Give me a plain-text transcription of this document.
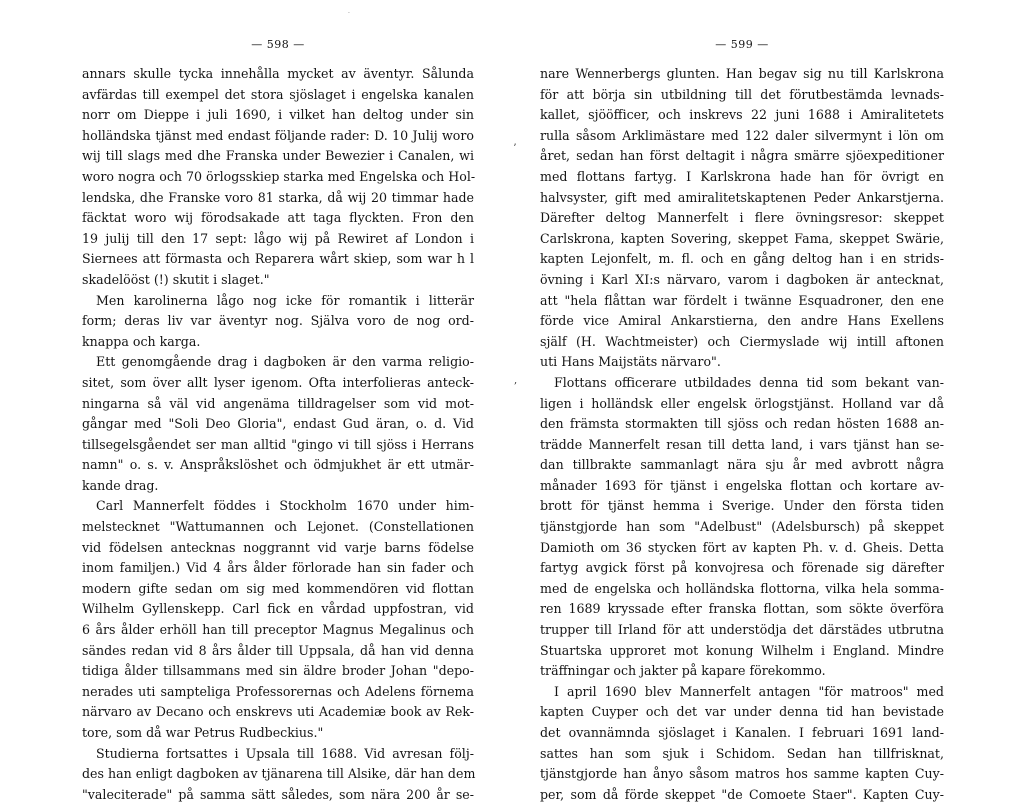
·
— 598 —
annars skulle tycka innehålla mycket av äventyr. Sålunda
avfärdas till exempel det stora sjöslaget i engelska kanalen
norr om Dieppe i juli 1690, i vilket han deltog under sin
holländska tjänst med endast följande rader: D. 10 Julij woro
wij till slags med dhe Franska under Bewezier i Canalen, wi
woro nogra och 70 örlogsskiep starka med Engelska och Hol-
lendska, dhe Franske voro 81 starka, då wij 20 timmar hade
fäcktat woro wij förodsakade att taga flyckten. Fron den
19 julij till den 17 sept: lågo wij på Rewiret af London i
Siernees att förmasta och Reparera wårt skiep, som war h l
skadelööst (!) skutit i slaget."
Men karolinerna lågo nog icke för romantik i litterär
form; deras liv var äventyr nog. Själva voro de nog ord-
knappa och karga.
Ett genomgående drag i dagboken är den varma religio-
sitet, som över allt lyser igenom. Ofta interfolieras anteck-
ningarna så väl vid angenäma tilldragelser som vid mot-
gångar med "Soli Deo Gloria", endast Gud äran, o. d. Vid
tillsegelsgåendet ser man alltid "gingo vi till sjöss i Herrans
namn" o. s. v. Anspråkslöshet och ödmjukhet är ett utmär-
kande drag.
Carl Mannerfelt föddes i Stockholm 1670 under him-
melstecknet "Wattumannen och Lejonet. (Constellationen
vid födelsen antecknas noggrannt vid varje barns födelse
inom familjen.) Vid 4 års ålder förlorade han sin fader och
modern gifte sedan om sig med kommendören vid flottan
Wilhelm Gyllenskepp. Carl fick en vårdad uppfostran, vid
6 års ålder erhöll han till preceptor Magnus Megalinus och
sändes redan vid 8 års ålder till Uppsala, då han vid denna
tidiga ålder tillsammans med sin äldre broder Johan "depo-
nerades uti sampteliga Professorernas och Adelens förnema
närvaro av Decano och enskrevs uti Academiæ book av Rek-
tore, som då war Petrus Rudbeckius."
Studierna fortsattes i Upsala till 1688. Vid avresan följ-
des han enligt dagboken av tjänarena till Alsike, där han dem
"valeciterade" på samma sätt således, som nära 200 år se-
ʼ
,
— 599 —
nare Wennerbergs glunten. Han begav sig nu till Karlskrona
för att börja sin utbildning till det förutbestämda levnads-
kallet, sjööfficer, och inskrevs 22 juni 1688 i Amiralitetets
rulla såsom Arklimästare med 122 daler silvermynt i lön om
året, sedan han först deltagit i några smärre sjöexpeditioner
med flottans fartyg. I Karlskrona hade han för övrigt en
halvsyster, gift med amiralitetskaptenen Peder Ankarstjerna.
Därefter deltog Mannerfelt i flere övningsresor: skeppet
Carlskrona, kapten Sovering, skeppet Fama, skeppet Swärie,
kapten Lejonfelt, m. fl. och en gång deltog han i en strids-
övning i Karl XI:s närvaro, varom i dagboken är antecknat,
att "hela flåttan war fördelt i twänne Esquadroner, den ene
förde vice Amiral Ankarstierna, den andre Hans Exellens
själf (H. Wachtmeister) och Ciermyslade wij intill aftonen
uti Hans Maijstäts närvaro".
Flottans officerare utbildades denna tid som bekant van-
ligen i holländsk eller engelsk örlogstjänst. Holland var då
den främsta stormakten till sjöss och redan hösten 1688 an-
trädde Mannerfelt resan till detta land, i vars tjänst han se-
dan tillbrakte sammanlagt nära sju år med avbrott några
månader 1693 för tjänst i engelska flottan och kortare av-
brott för tjänst hemma i Sverige. Under den första tiden
tjänstgjorde han som "Adelbust" (Adelsbursch) på skeppet
Damioth om 36 stycken fört av kapten Ph. v. d. Gheis. Detta
fartyg avgick först på konvojresa och förenade sig därefter
med de engelska och holländska flottorna, vilka hela somma-
ren 1689 kryssade efter franska flottan, som sökte överföra
trupper till Irland för att understödja det därstädes utbrutna
Stuartska upproret mot konung Wilhelm i England. Mindre
träffningar och jakter på kapare förekommo.
I april 1690 blev Mannerfelt antagen "för matroos" med
kapten Cuyper och det var under denna tid han bevistade
det ovannämnda sjöslaget i Kanalen. I februari 1691 land-
sattes han som sjuk i Schidom. Sedan han tillfrisknat,
tjänstgjorde han ånyo såsom matros hos samme kapten Cuy-
per, som då förde skeppet "de Comoete Staer". Kapten Cuy-
